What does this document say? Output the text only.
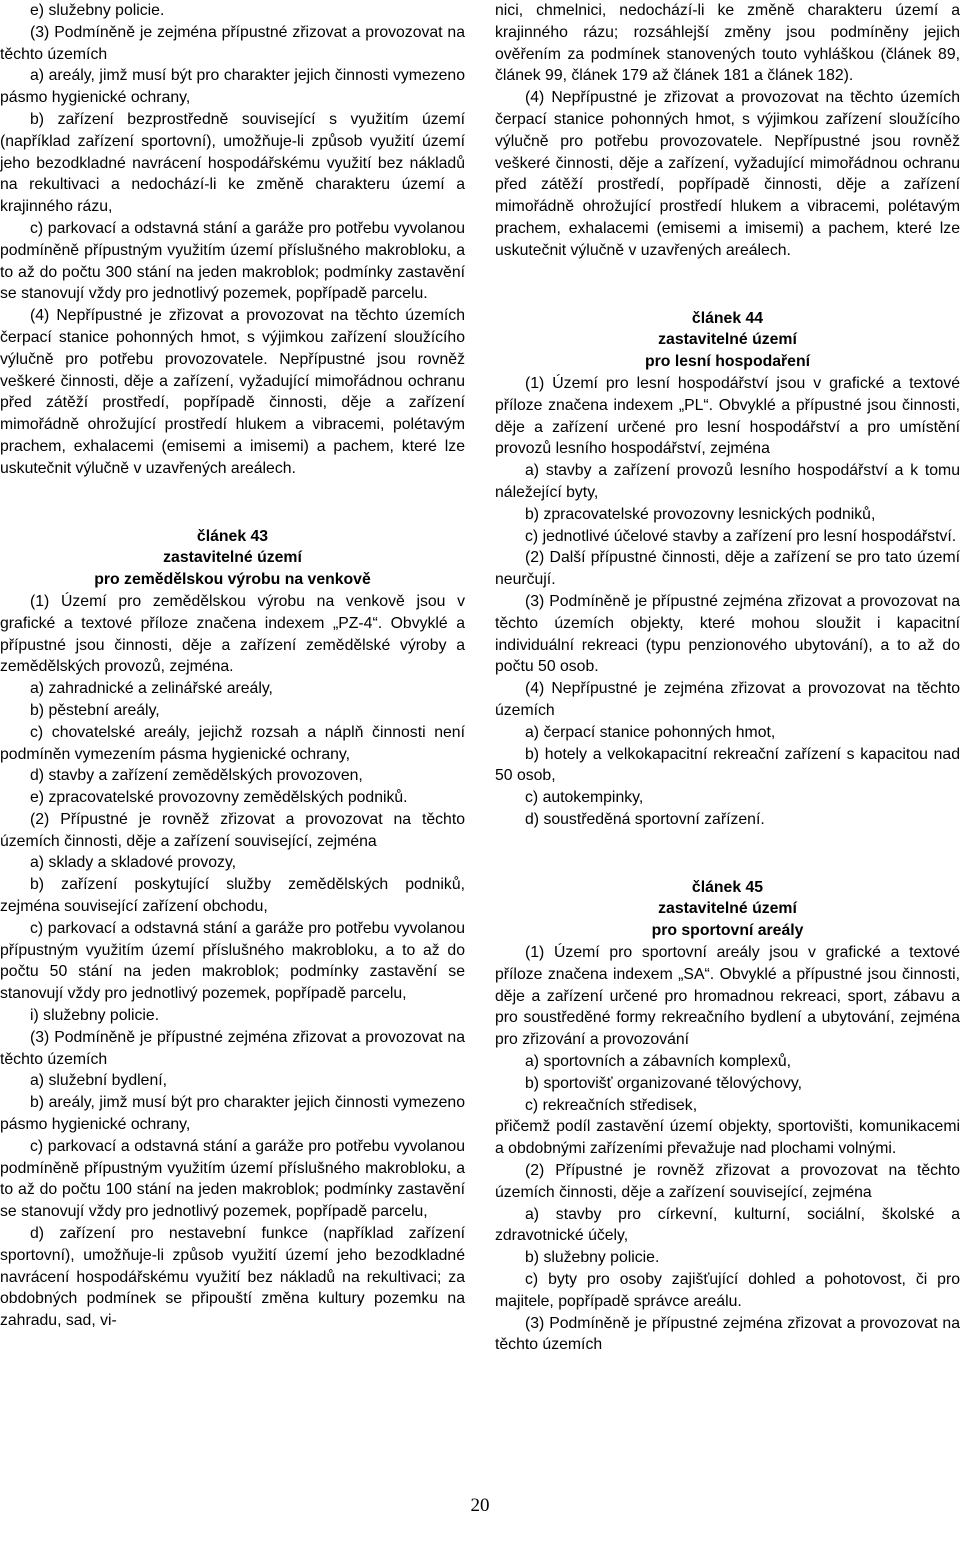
e) služebny policie.

(3) Podmíněně je zejména přípustné zřizovat a provozovat na těchto územích

a) areály, jimž musí být pro charakter jejich činnosti vymezeno pásmo hygienické ochrany,

b) zařízení bezprostředně související s využitím území (například zařízení sportovní), umožňuje-li způsob využití území jeho bezodkladné navrácení hospodářskému využití bez nákladů na rekultivaci a nedochází-li ke změně charakteru území a krajinného rázu,

c) parkovací a odstavná stání a garáže pro potřebu vyvolanou podmíněně přípustným využitím území příslušného makrobloku, a to až do počtu 300 stání na jeden makroblok; podmínky zastavění se stanovují vždy pro jednotlivý pozemek, popřípadě parcelu.

(4) Nepřípustné je zřizovat a provozovat na těchto územích čerpací stanice pohonných hmot, s výjimkou zařízení sloužícího výlučně pro potřebu provozovatele. Nepřípustné jsou rovněž veškeré činnosti, děje a zařízení, vyžadující mimořádnou ochranu před zátěží prostředí, popřípadě činnosti, děje a zařízení mimořádně ohrožující prostředí hlukem a vibracemi, polétavým prachem, exhalacemi (emisemi a imisemi) a pachem, které lze uskutečnit výlučně v uzavřených areálech.

článek 43
zastavitelné území
pro zemědělskou výrobu na venkově

(1) Území pro zemědělskou výrobu na venkově jsou v grafické a textové příloze značena indexem „PZ-4“. Obvyklé a přípustné jsou činnosti, děje a zařízení zemědělské výroby a zemědělských provozů, zejména.

a) zahradnické a zelinářské areály,

b) pěstební areály,

c) chovatelské areály, jejichž rozsah a náplň činnosti není podmíněn vymezením pásma hygienické ochrany,

d) stavby a zařízení zemědělských provozoven,

e) zpracovatelské provozovny zemědělských podniků.

(2) Přípustné je rovněž zřizovat a provozovat na těchto územích činnosti, děje a zařízení související, zejména

a) sklady a skladové provozy,

b) zařízení poskytující služby zemědělských podniků, zejména související zařízení obchodu,

c) parkovací a odstavná stání a garáže pro potřebu vyvolanou přípustným využitím území příslušného makrobloku, a to až do počtu 50 stání na jeden makroblok; podmínky zastavění se stanovují vždy pro jednotlivý pozemek, popřípadě parcelu,

i) služebny policie.

(3) Podmíněně je přípustné zejména zřizovat a provozovat na těchto územích

a) služební bydlení,

b) areály, jimž musí být pro charakter jejich činnosti vymezeno pásmo hygienické ochrany,

c) parkovací a odstavná stání a garáže pro potřebu vyvolanou podmíněně přípustným využitím území příslušného makrobloku, a to až do počtu 100 stání na jeden makroblok; podmínky zastavění se stanovují vždy pro jednotlivý pozemek, popřípadě parcelu,

d) zařízení pro nestavební funkce (například zařízení sportovní), umožňuje-li způsob využití území jeho bezodkladné navrácení hospodářskému využití bez nákladů na rekultivaci; za obdobných podmínek se připouští změna kultury pozemku na zahradu, sad, vi-

nici, chmelnici, nedochází-li ke změně charakteru území a krajinného rázu; rozsáhlejší změny jsou podmíněny jejich ověřením za podmínek stanovených touto vyhláškou (článek 89, článek 99, článek 179 až článek 181 a článek 182).

(4) Nepřípustné je zřizovat a provozovat na těchto územích čerpací stanice pohonných hmot, s výjimkou zařízení sloužícího výlučně pro potřebu provozovatele. Nepřípustné jsou rovněž veškeré činnosti, děje a zařízení, vyžadující mimořádnou ochranu před zátěží prostředí, popřípadě činnosti, děje a zařízení mimořádně ohrožující prostředí hlukem a vibracemi, polétavým prachem, exhalacemi (emisemi a imisemi) a pachem, které lze uskutečnit výlučně v uzavřených areálech.

článek 44
zastavitelné území
pro lesní hospodaření

(1) Území pro lesní hospodářství jsou v grafické a textové příloze značena indexem „PL“. Obvyklé a přípustné jsou činnosti, děje a zařízení určené pro lesní hospodářství a pro umístění provozů lesního hospodářství, zejména

a) stavby a zařízení provozů lesního hospodářství a k tomu náležející byty,

b) zpracovatelské provozovny lesnických podniků,

c) jednotlivé účelové stavby a zařízení pro lesní hospodářství.

(2) Další přípustné činnosti, děje a zařízení se pro tato území neurčují.

(3) Podmíněně je přípustné zejména zřizovat a provozovat na těchto územích objekty, které mohou sloužit i kapacitní individuální rekreaci (typu penzionového ubytování), a to až do počtu 50 osob.

(4) Nepřípustné je zejména zřizovat a provozovat na těchto územích

a) čerpací stanice pohonných hmot,

b) hotely a velkokapacitní rekreační zařízení s kapacitou nad 50 osob,

c) autokempinky,

d) soustředěná sportovní zařízení.

článek 45
zastavitelné území
pro sportovní areály

(1) Území pro sportovní areály jsou v grafické a textové příloze značena indexem „SA“. Obvyklé a přípustné jsou činnosti, děje a zařízení určené pro hromadnou rekreaci, sport, zábavu a pro soustředěné formy rekreačního bydlení a ubytování, zejména pro zřizování a provozování

a) sportovních a zábavních komplexů,

b) sportovišť organizované tělovýchovy,

c) rekreačních středisek,

přičemž podíl zastavění území objekty, sportovišti, komunikacemi a obdobnými zařízeními převažuje nad plochami volnými.

(2) Přípustné je rovněž zřizovat a provozovat na těchto územích činnosti, děje a zařízení související, zejména

a) stavby pro církevní, kulturní, sociální, školské a zdravotnické účely,

b) služebny policie.

c) byty pro osoby zajišťující dohled a pohotovost, či pro majitele, popřípadě správce areálu.

(3) Podmíněně je přípustné zejména zřizovat a provozovat na těchto územích

20
